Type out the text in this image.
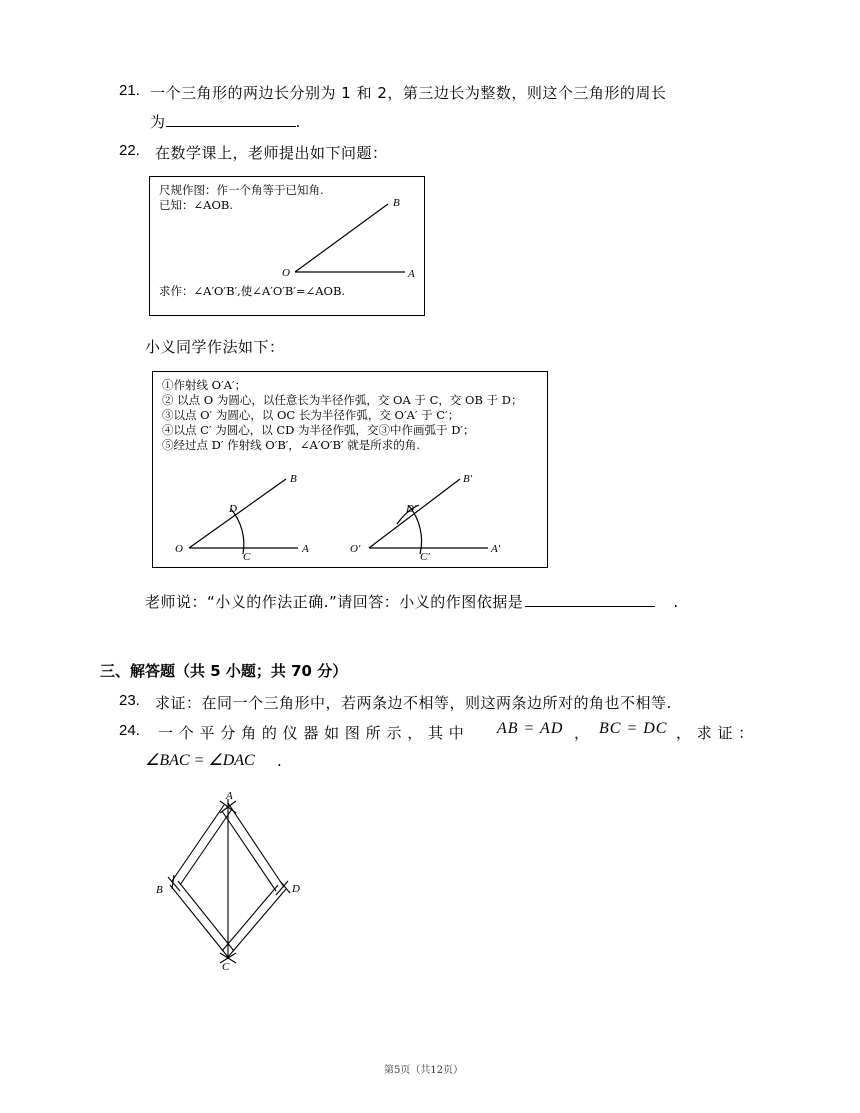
21. 一个三角形的两边长分别为 1 和 2，第三边长为整数，则这个三角形的周长
为	.
22. 在数学课上，老师提出如下问题：
尺规作图：作一个角等于已知角.
已知：∠AOB.
求作：∠A′O′B′,使∠A′O′B′=∠AOB.
B
O	A
小义同学作法如下：
①作射线 O′A′；
② 以点 O 为圆心，以任意长为半径作弧，交 OA 于 C，交 OB 于 D；
③以点 O′ 为圆心，以 OC 长为半径作弧，交 O′A′ 于 C′；
④以点 C′ 为圆心，以 CD 为半径作弧，交③中作画弧于 D′；
⑤经过点 D′ 作射线 O′B′，∠A′O′B′ 就是所求的角.
B
D
O
C
A
B′
D′
O′
C′
A′
老师说：“小义的作法正确.”请回答：小义的作图依据是	.
三、解答题（共 5 小题；共 70 分）
23. 求证：在同一个三角形中，若两条边不相等，则这两条边所对的角也不相等.
24. 一 个 平 分 角 的 仪 器 如 图 所 示 ， 其 中 AB = AD ， BC = DC ， 求 证 ：
∠BAC = ∠DAC .
A
B
C
D
第5页（共12页）
